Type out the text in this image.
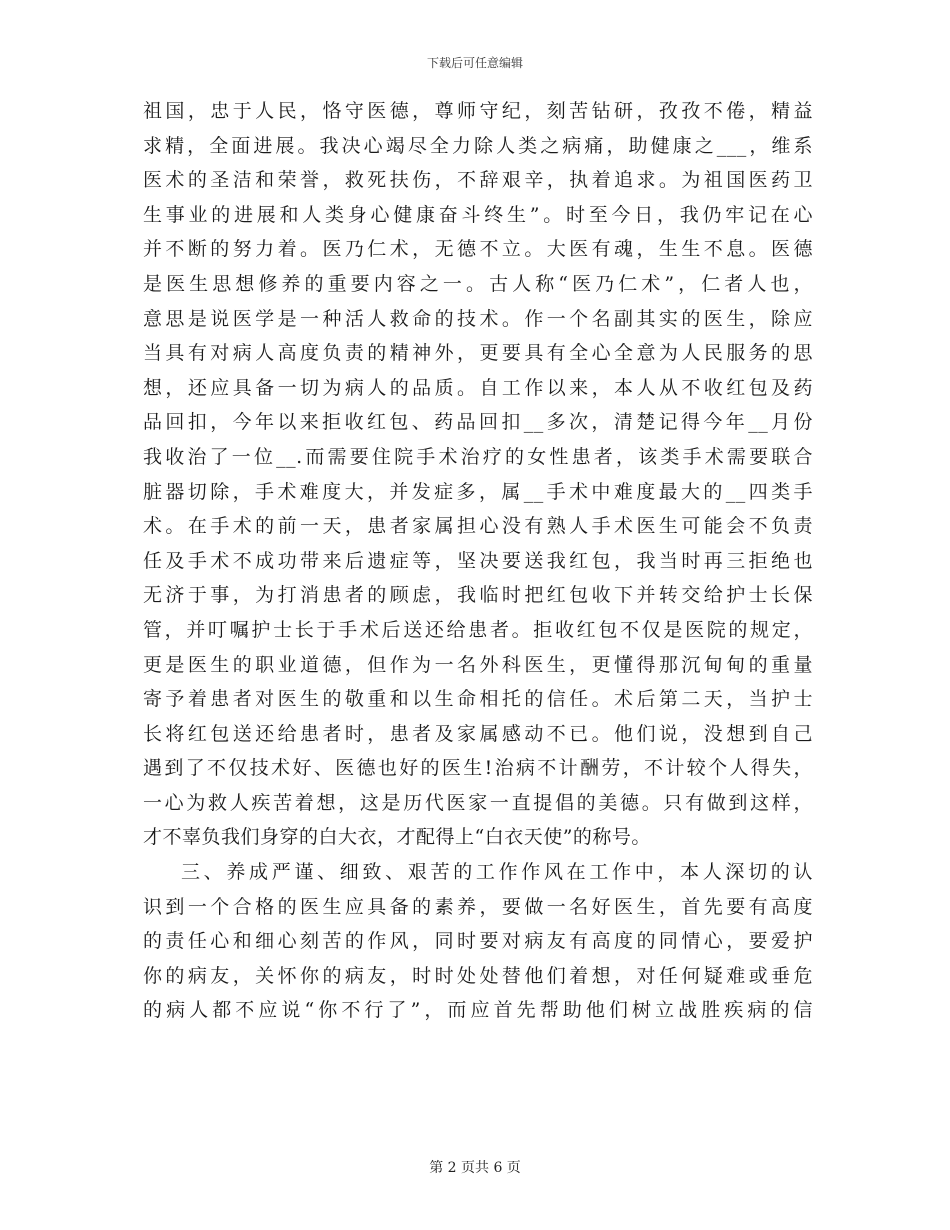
下载后可任意编辑
祖国，忠于人民，恪守医德，尊师守纪，刻苦钻研，孜孜不倦，精益
求精，全面进展。我决心竭尽全力除人类之病痛，助健康之___，维系
医术的圣洁和荣誉，救死扶伤，不辞艰辛，执着追求。为祖国医药卫
生事业的进展和人类身心健康奋斗终生”。时至今日，我仍牢记在心
并不断的努力着。医乃仁术，无德不立。大医有魂，生生不息。医德
是医生思想修养的重要内容之一。古人称“医乃仁术”，仁者人也，
意思是说医学是一种活人救命的技术。作一个名副其实的医生，除应
当具有对病人高度负责的精神外，更要具有全心全意为人民服务的思
想，还应具备一切为病人的品质。自工作以来，本人从不收红包及药
品回扣，今年以来拒收红包、药品回扣__多次，清楚记得今年__月份
我收治了一位__.而需要住院手术治疗的女性患者，该类手术需要联合
脏器切除，手术难度大，并发症多，属__手术中难度最大的__四类手
术。在手术的前一天，患者家属担心没有熟人手术医生可能会不负责
任及手术不成功带来后遗症等，坚决要送我红包，我当时再三拒绝也
无济于事，为打消患者的顾虑，我临时把红包收下并转交给护士长保
管，并叮嘱护士长于手术后送还给患者。拒收红包不仅是医院的规定，
更是医生的职业道德，但作为一名外科医生，更懂得那沉甸甸的重量
寄予着患者对医生的敬重和以生命相托的信任。术后第二天，当护士
长将红包送还给患者时，患者及家属感动不已。他们说，没想到自己
遇到了不仅技术好、医德也好的医生!治病不计酬劳，不计较个人得失，
一心为救人疾苦着想，这是历代医家一直提倡的美德。只有做到这样，
才不辜负我们身穿的白大衣，才配得上“白衣天使”的称号。
三、养成严谨、细致、艰苦的工作作风在工作中，本人深切的认
识到一个合格的医生应具备的素养，要做一名好医生，首先要有高度
的责任心和细心刻苦的作风，同时要对病友有高度的同情心，要爱护
你的病友，关怀你的病友，时时处处替他们着想，对任何疑难或垂危
的病人都不应说“你不行了”，而应首先帮助他们树立战胜疾病的信
第 2 页共 6 页
